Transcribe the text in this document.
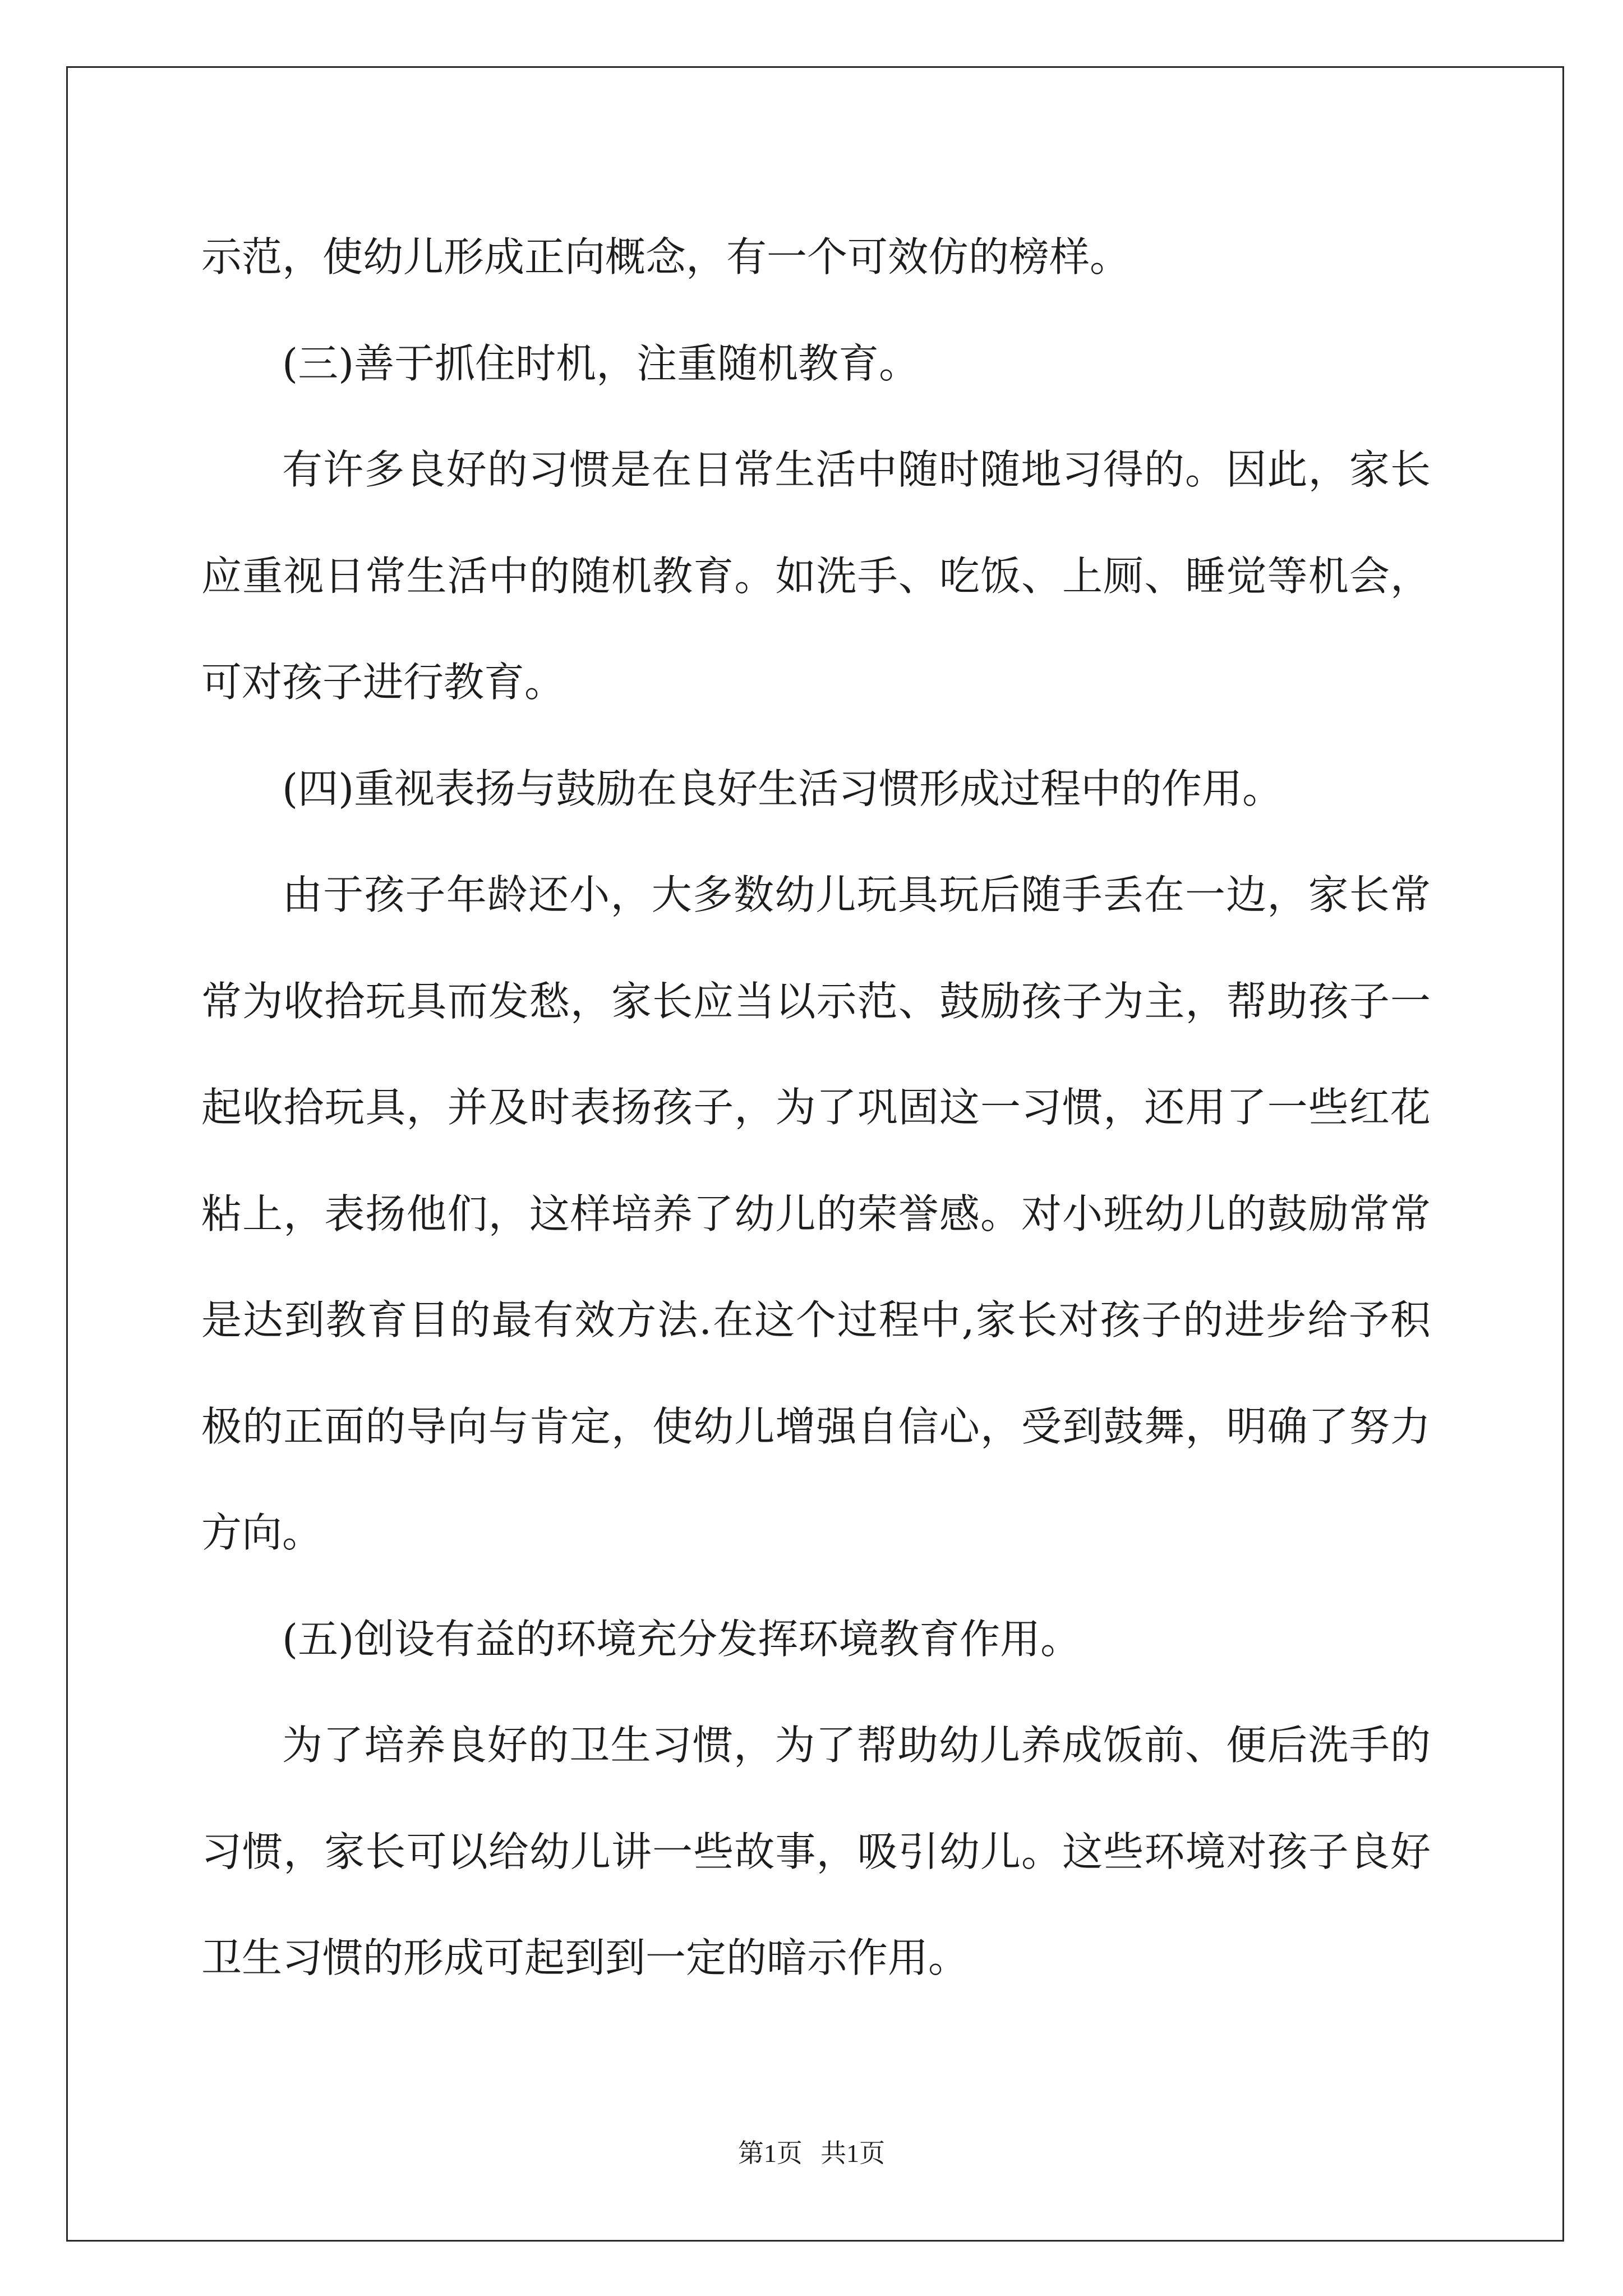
示范，使幼儿形成正向概念，有一个可效仿的榜样。

(三)善于抓住时机，注重随机教育。

有许多良好的习惯是在日常生活中随时随地习得的。因此，家长
应重视日常生活中的随机教育。如洗手、吃饭、上厕、睡觉等机会，
可对孩子进行教育。

(四)重视表扬与鼓励在良好生活习惯形成过程中的作用。

由于孩子年龄还小，大多数幼儿玩具玩后随手丢在一边，家长常
常为收拾玩具而发愁，家长应当以示范、鼓励孩子为主，帮助孩子一
起收拾玩具，并及时表扬孩子，为了巩固这一习惯，还用了一些红花
粘上，表扬他们，这样培养了幼儿的荣誉感。对小班幼儿的鼓励常常
是达到教育目的最有效方法.在这个过程中,家长对孩子的进步给予积
极的正面的导向与肯定，使幼儿增强自信心，受到鼓舞，明确了努力
方向。

(五)创设有益的环境充分发挥环境教育作用。

为了培养良好的卫生习惯，为了帮助幼儿养成饭前、便后洗手的
习惯，家长可以给幼儿讲一些故事，吸引幼儿。这些环境对孩子良好
卫生习惯的形成可起到到一定的暗示作用。

第1页 共1页
